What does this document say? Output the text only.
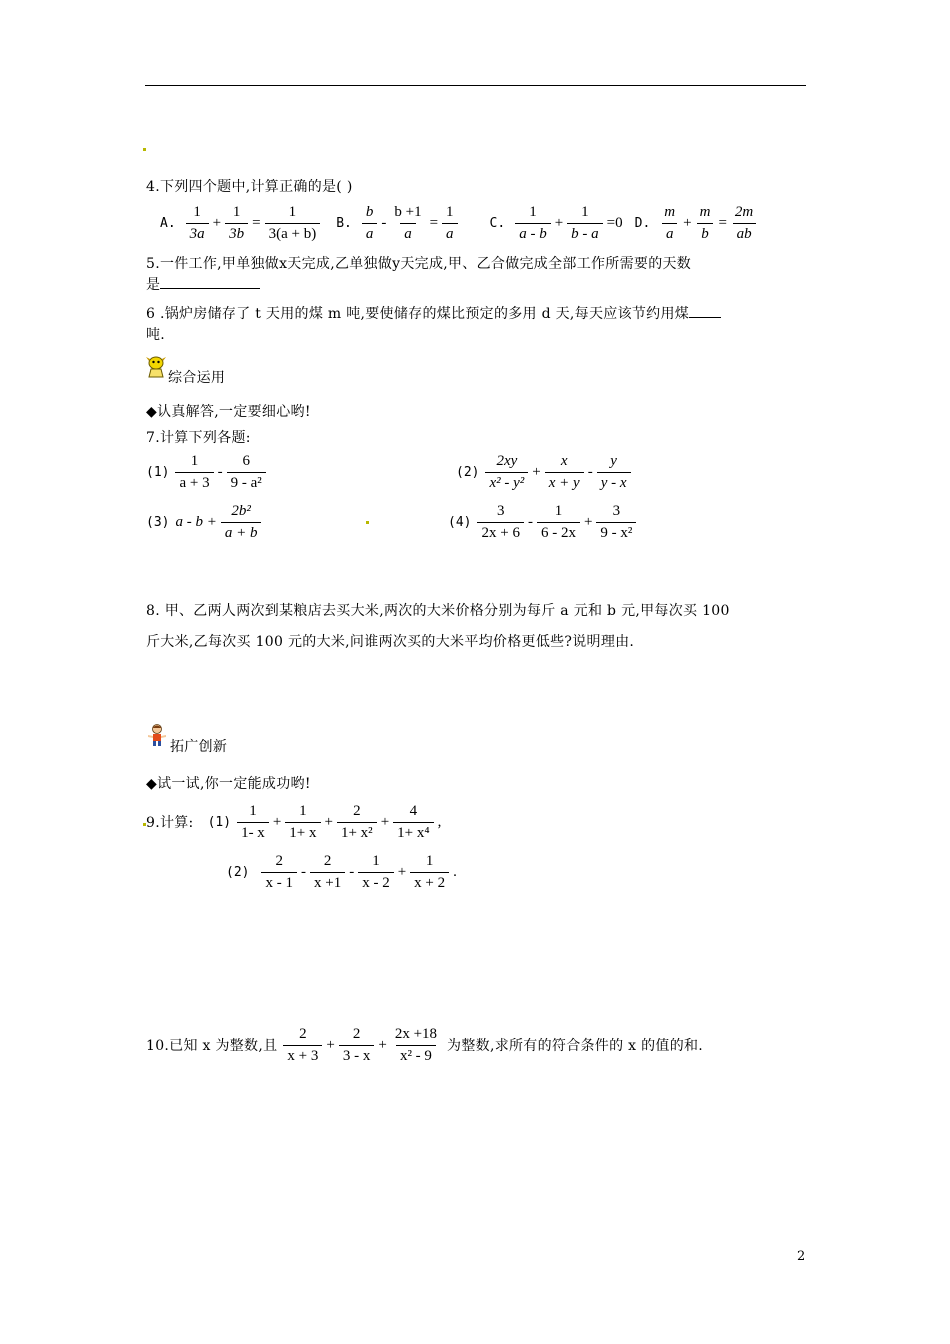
4.下列四个题中,计算正确的是( )
A. $\frac{1}{3a} + \frac{1}{3b} = \frac{1}{3(a + b)} B$. $\frac{b}{a} - \frac{b +1}{a} = \frac{1}{a} C$. $\frac{1}{a - b} + \frac{1}{b - a} =0$ D. $\frac{m}{a} + \frac{m}{b} = \frac{2m}{ab}$
5.一件工作,甲单独做x天完成,乙单独做y天完成,甲、乙合做完成全部工作所需要的天数
是
6 .锅炉房储存了 t 天用的煤 m 吨,要使储存的煤比预定的多用 d 天,每天应该节约用煤
吨.
综合运用
◆认真解答,一定要细心哟!
7.计算下列各题:
$(1) \frac{1}{a + 3} - \frac{6}{\text{9 - a²}}$	$(2) \frac{2xy}{\text{x² - y²}} + \frac{x}{x + y} - \frac{y}{y - x}$
(3) $a - b + \frac{\text{2b²}}{a + b}$	$(4) \frac{3}{2x + 6} - \frac{1}{6 - 2x} + \frac{3}{\text{9 - x²}}$
8. 甲、乙两人两次到某粮店去买大米,两次的大米价格分别为每斤 a 元和 b 元,甲每次买 100
斤大米,乙每次买 100 元的大米,问谁两次买的大米平均价格更低些?说明理由.
拓广创新
◆试一试,你一定能成功哟!
9.计算: $(1) \frac{1}{1- x} + \frac{1}{1+ x} + \frac{2}{\text{1+ x²}} + \frac{4}{\text{1+ x⁴}}$ ,
$(2) \frac{2}{x - 1} - \frac{2}{x +1} - \frac{1}{x - 2} + \frac{1}{x + 2}$ .
10.已知 x 为整数,且 $\frac{2}{x + 3} + \frac{2}{3 - x} + \frac{2x +18}{\text{x² - 9}}$ 为整数,求所有的符合条件的 x 的值的和.
2
